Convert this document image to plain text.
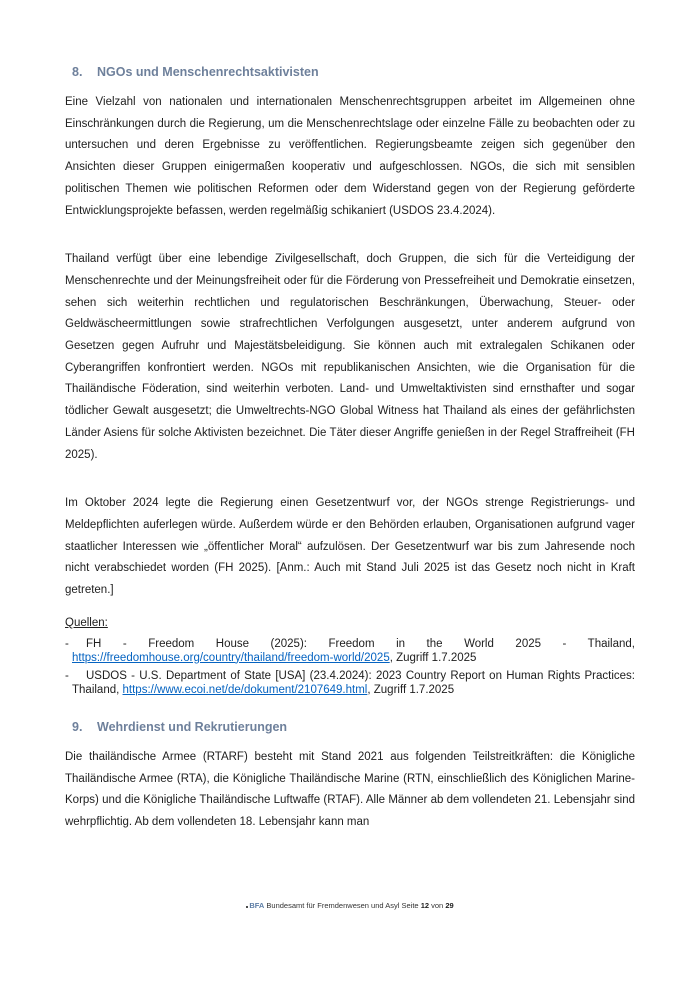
8. NGOs und Menschenrechtsaktivisten

Eine Vielzahl von nationalen und internationalen Menschenrechtsgruppen arbeitet im Allgemeinen ohne Einschränkungen durch die Regierung, um die Menschenrechtslage oder einzelne Fälle zu beobachten oder zu untersuchen und deren Ergebnisse zu veröffentlichen. Regierungsbeamte zeigen sich gegenüber den Ansichten dieser Gruppen einigermaßen kooperativ und aufgeschlossen. NGOs, die sich mit sensiblen politischen Themen wie politischen Reformen oder dem Widerstand gegen von der Regierung geförderte Entwicklungsprojekte befassen, werden regelmäßig schikaniert (USDOS 23.4.2024).

Thailand verfügt über eine lebendige Zivilgesellschaft, doch Gruppen, die sich für die Verteidigung der Menschenrechte und der Meinungsfreiheit oder für die Förderung von Pressefreiheit und Demokratie einsetzen, sehen sich weiterhin rechtlichen und regulatorischen Beschränkungen, Überwachung, Steuer- oder Geldwäscheermittlungen sowie strafrechtlichen Verfolgungen ausgesetzt, unter anderem aufgrund von Gesetzen gegen Aufruhr und Majestätsbeleidigung. Sie können auch mit extralegalen Schikanen oder Cyberangriffen konfrontiert werden. NGOs mit republikanischen Ansichten, wie die Organisation für die Thailändische Föderation, sind weiterhin verboten. Land- und Umweltaktivisten sind ernsthafter und sogar tödlicher Gewalt ausgesetzt; die Umweltrechts-NGO Global Witness hat Thailand als eines der gefährlichsten Länder Asiens für solche Aktivisten bezeichnet. Die Täter dieser Angriffe genießen in der Regel Straffreiheit (FH 2025).

Im Oktober 2024 legte die Regierung einen Gesetzentwurf vor, der NGOs strenge Registrierungs- und Meldepflichten auferlegen würde. Außerdem würde er den Behörden erlauben, Organisationen aufgrund vager staatlicher Interessen wie „öffentlicher Moral“ aufzulösen. Der Gesetzentwurf war bis zum Jahresende noch nicht verabschiedet worden (FH 2025). [Anm.: Auch mit Stand Juli 2025 ist das Gesetz noch nicht in Kraft getreten.]

Quellen:
- FH - Freedom House (2025): Freedom in the World 2025 - Thailand, https://freedomhouse.org/country/thailand/freedom-world/2025, Zugriff 1.7.2025
- USDOS - U.S. Department of State [USA] (23.4.2024): 2023 Country Report on Human Rights Practices: Thailand, https://www.ecoi.net/de/dokument/2107649.html, Zugriff 1.7.2025
9. Wehrdienst und Rekrutierungen

Die thailändische Armee (RTARF) besteht mit Stand 2021 aus folgenden Teilstreitkräften: die Königliche Thailändische Armee (RTA), die Königliche Thailändische Marine (RTN, einschließlich des Königlichen Marine-Korps) und die Königliche Thailändische Luftwaffe (RTAF). Alle Männer ab dem vollendeten 21. Lebensjahr sind wehrpflichtig. Ab dem vollendeten 18. Lebensjahr kann man

BFA Bundesamt für Fremdenwesen und Asyl Seite 12 von 29
